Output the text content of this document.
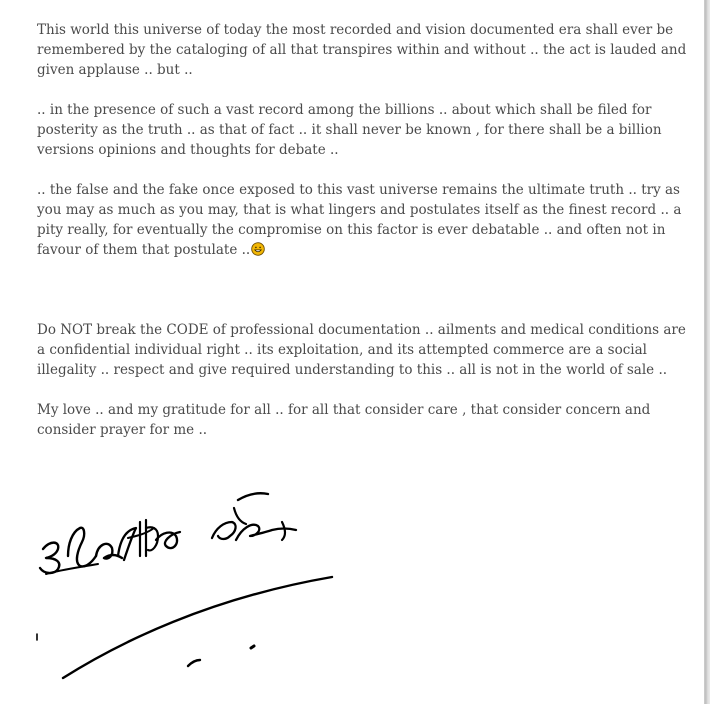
This world this universe of today the most recorded and vision documented era shall ever be remembered by the cataloging of all that transpires within and without .. the act is lauded and given applause .. but ..

.. in the presence of such a vast record among the billions .. about which shall be filed for posterity as the truth .. as that of fact .. it shall never be known , for there shall be a billion versions opinions and thoughts for debate ..

.. the false and the fake once exposed to this vast universe remains the ultimate truth .. try as you may as much as you may, that is what lingers and postulates itself as the finest record .. a pity really, for eventually the compromise on this factor is ever debatable .. and often not in favour of them that postulate ..

Do NOT break the CODE of professional documentation .. ailments and medical conditions are a confidential individual right .. its exploitation, and its attempted commerce are a social illegality .. respect and give required understanding to this .. all is not in the world of sale ..

My love .. and my gratitude for all .. for all that consider care , that consider concern and consider prayer for me ..
